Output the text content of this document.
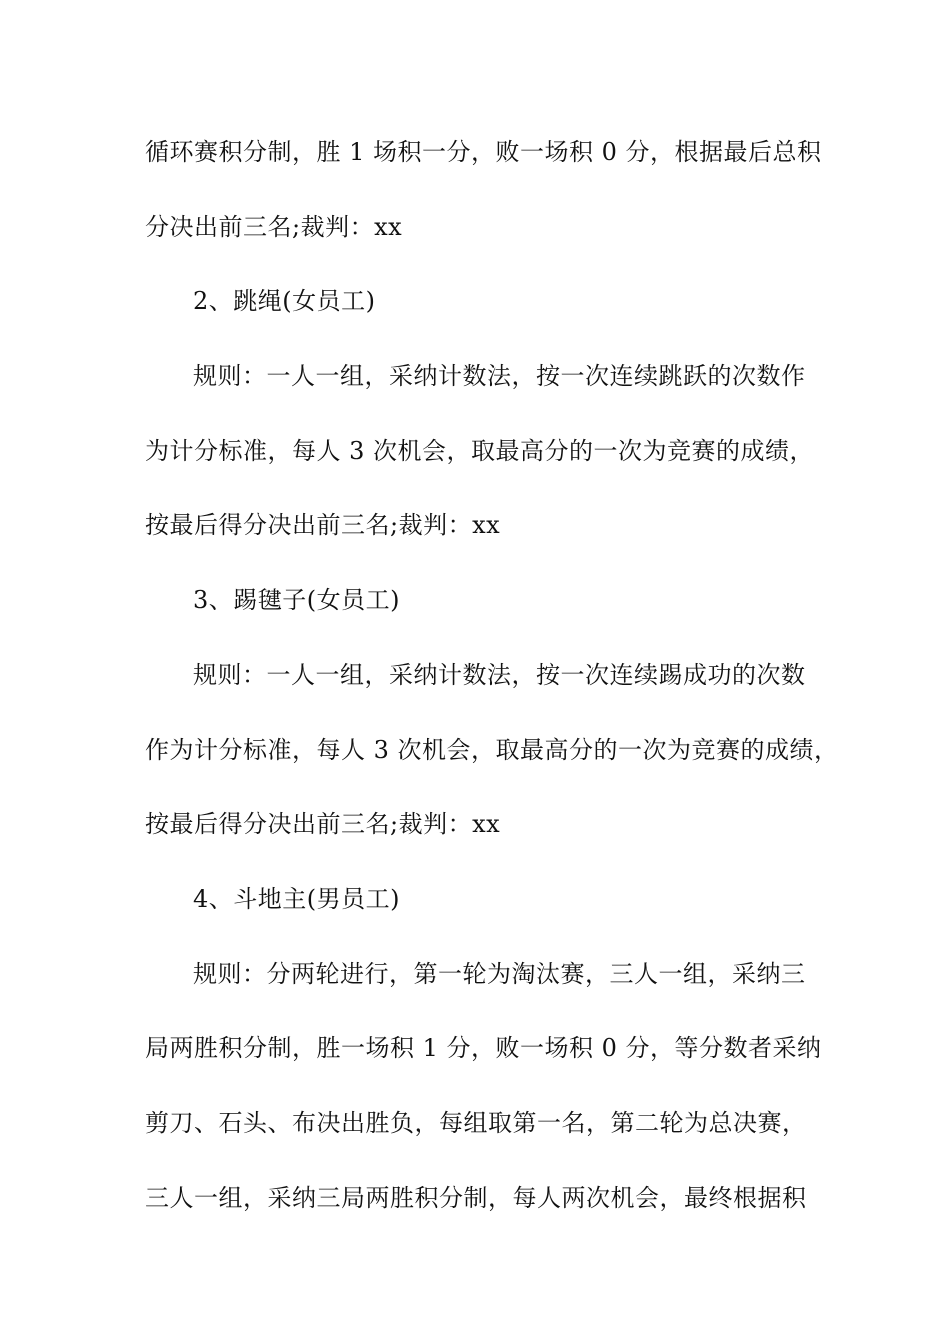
循环赛积分制，胜 1 场积一分，败一场积 0 分，根据最后总积
分决出前三名;裁判：xx
2、跳绳(女员工)
规则：一人一组，采纳计数法，按一次连续跳跃的次数作
为计分标准，每人 3 次机会，取最高分的一次为竞赛的成绩，
按最后得分决出前三名;裁判：xx
3、踢毽子(女员工)
规则：一人一组，采纳计数法，按一次连续踢成功的次数
作为计分标准，每人 3 次机会，取最高分的一次为竞赛的成绩，
按最后得分决出前三名;裁判：xx
4、斗地主(男员工)
规则：分两轮进行，第一轮为淘汰赛，三人一组，采纳三
局两胜积分制，胜一场积 1 分，败一场积 0 分，等分数者采纳
剪刀、石头、布决出胜负，每组取第一名，第二轮为总决赛，
三人一组，采纳三局两胜积分制，每人两次机会，最终根据积
